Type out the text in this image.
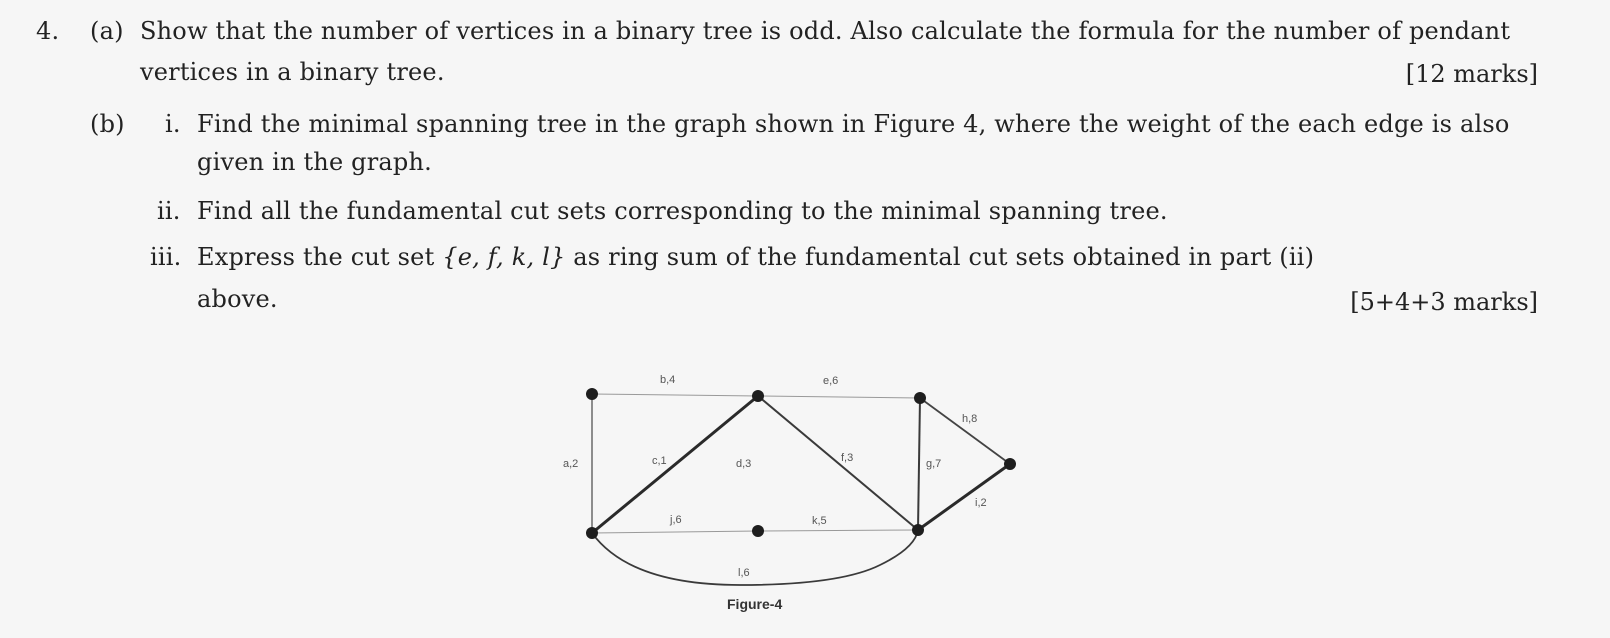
4. (a) Show that the number of vertices in a binary tree is odd. Also calculate the formula for the number of pendant
vertices in a binary tree.	[12 marks]
(b) i. Find the minimal spanning tree in the graph shown in Figure 4, where the weight of the each edge is also
given in the graph.
ii. Find all the fundamental cut sets corresponding to the minimal spanning tree.
iii. Express the cut set {e, f, k, l} as ring sum of the fundamental cut sets obtained in part (ii)
above.	[5+4+3 marks]
b,4	e,6
h,8
a,2	c,1	d,3	f,3	g,7
i,2
j,6	k,5
l,6
Figure-4
